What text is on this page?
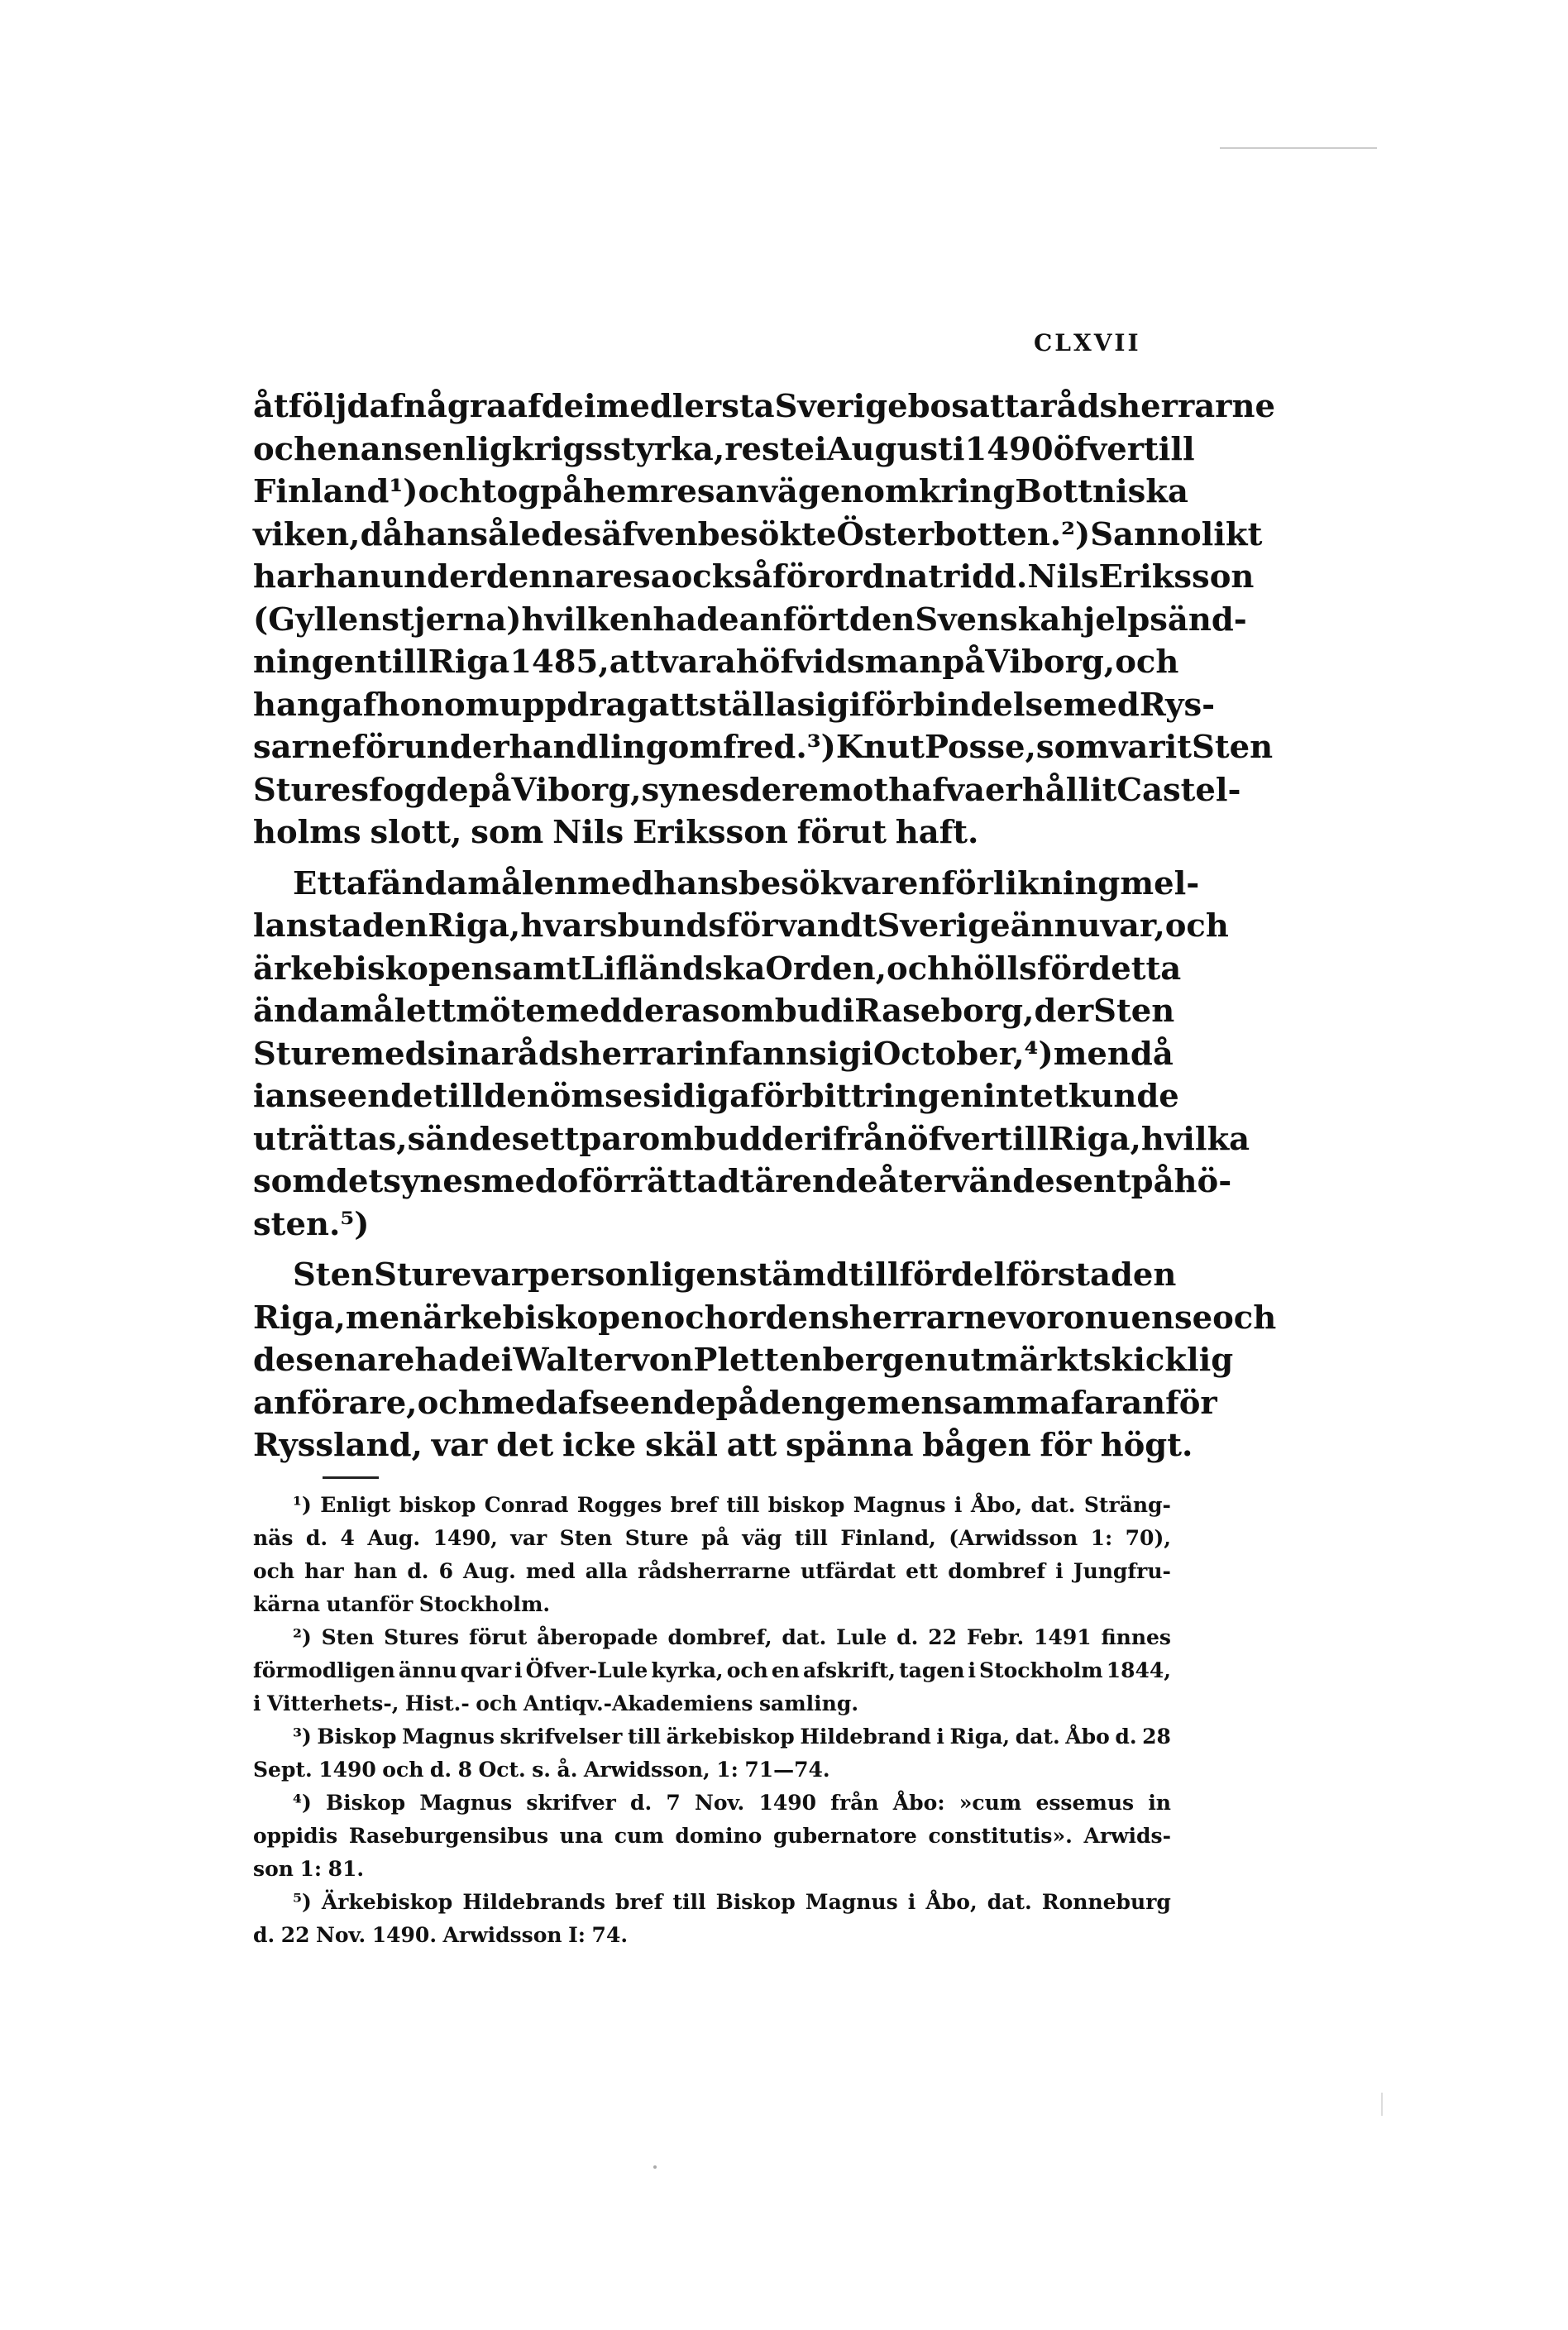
CLXVII
åtföljd af några af de i medlersta Sverige bosatta rådsherrarne
och en ansenlig krigsstyrka, reste i Augusti 1490 öfver till
Finland ¹) och tog på hemresan vägen omkring Bottniska
viken, då han således äfven besökte Österbotten.²) Sannolikt
har han under denna resa också förordnat ridd. Nils Eriksson
(Gyllenstjerna) hvilken hade anfört den Svenska hjelpsänd-
ningen till Riga 1485, att vara höfvidsman på Viborg, och
han gaf honom uppdrag att ställa sig i förbindelse med Rys-
sarne för underhandling om fred.³) Knut Posse, som varit Sten
Stures fogde på Viborg, synes deremot hafva erhållit Castel-
holms slott, som Nils Eriksson förut haft.
Ett af ändamålen med hans besök var en förlikning mel-
lan staden Riga, hvars bundsförvandt Sverige ännu var, och
ärkebiskopen samt Lifländska Orden, och hölls för detta
ändamål ett möte med deras ombud i Raseborg, der Sten
Sture med sina rådsherrar infann sig i October,⁴) men då
i anseende till den ömsesidiga förbittringen intet kunde
uträttas, sändes ett par ombud derifrån öfver till Riga, hvilka
som det synes med oförrättadt ärende återvände sent på hö-
sten.⁵)
Sten Sture var personligen stämd till fördel för staden
Riga, men ärkebiskopen och ordensherrarne voro nu ense och
de senare hade i Walter von Plettenberg en utmärkt skicklig
anförare, och med afseende på den gemensamma faran för
Ryssland, var det icke skäl att spänna bågen för högt.
¹) Enligt biskop Conrad Rogges bref till biskop Magnus i Åbo, dat. Sträng-
näs d. 4 Aug. 1490, var Sten Sture på väg till Finland, (Arwidsson 1: 70),
och har han d. 6 Aug. med alla rådsherrarne utfärdat ett dombref i Jungfru-
kärna utanför Stockholm.
²) Sten Stures förut åberopade dombref, dat. Lule d. 22 Febr. 1491 finnes
förmodligen ännu qvar i Öfver-Lule kyrka, och en afskrift, tagen i Stockholm 1844,
i Vitterhets-, Hist.- och Antiqv.-Akademiens samling.
³) Biskop Magnus skrifvelser till ärkebiskop Hildebrand i Riga, dat. Åbo d. 28
Sept. 1490 och d. 8 Oct. s. å. Arwidsson, 1: 71—74.
⁴) Biskop Magnus skrifver d. 7 Nov. 1490 från Åbo: »cum essemus in
oppidis Raseburgensibus una cum domino gubernatore constitutis». Arwids-
son 1: 81.
⁵) Ärkebiskop Hildebrands bref till Biskop Magnus i Åbo, dat. Ronneburg
d. 22 Nov. 1490. Arwidsson I: 74.
